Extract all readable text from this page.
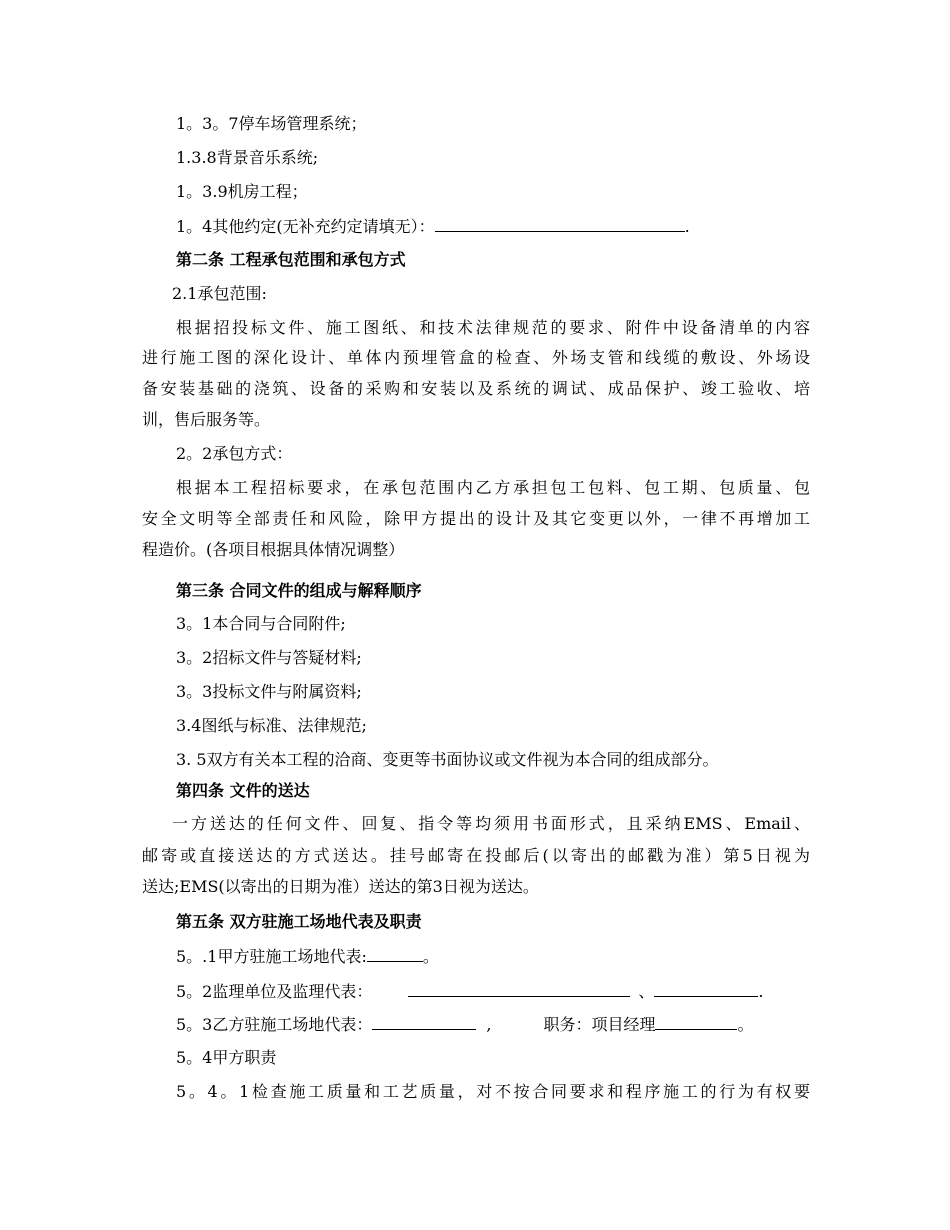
1。3。7停车场管理系统；
1.3.8背景音乐系统;
1。3.9机房工程；
1。4其他约定(无补充约定请填无）：	.
第二条 工程承包范围和承包方式
2.1承包范围:
根据招投标文件、施工图纸、和技术法律规范的要求、附件中设备清单的内容
进行施工图的深化设计、单体内预埋管盒的检查、外场支管和线缆的敷设、外场设
备安装基础的浇筑、设备的采购和安装以及系统的调试、成品保护、竣工验收、培
训，售后服务等。
2。2承包方式：
根据本工程招标要求，在承包范围内乙方承担包工包料、包工期、包质量、包
安全文明等全部责任和风险，除甲方提出的设计及其它变更以外，一律不再增加工
程造价。(各项目根据具体情况调整）
第三条 合同文件的组成与解释顺序
3。1本合同与合同附件;
3。2招标文件与答疑材料;
3。3投标文件与附属资料;
3.4图纸与标准、法律规范;
3. 5双方有关本工程的洽商、变更等书面协议或文件视为本合同的组成部分。
第四条 文件的送达
一方送达的任何文件、回复、指令等均须用书面形式，且采纳EMS、Email、
邮寄或直接送达的方式送达。挂号邮寄在投邮后(以寄出的邮戳为准）第5日视为
送达;EMS(以寄出的日期为准）送达的第3日视为送达。
第五条 双方驻施工场地代表及职责
5。.1甲方驻施工场地代表:	。
5。2监理单位及监理代表：	、	.
5。3乙方驻施工场地代表：	,	职务：项目经理	。
5。4甲方职责
5。4。1检查施工质量和工艺质量，对不按合同要求和程序施工的行为有权要
